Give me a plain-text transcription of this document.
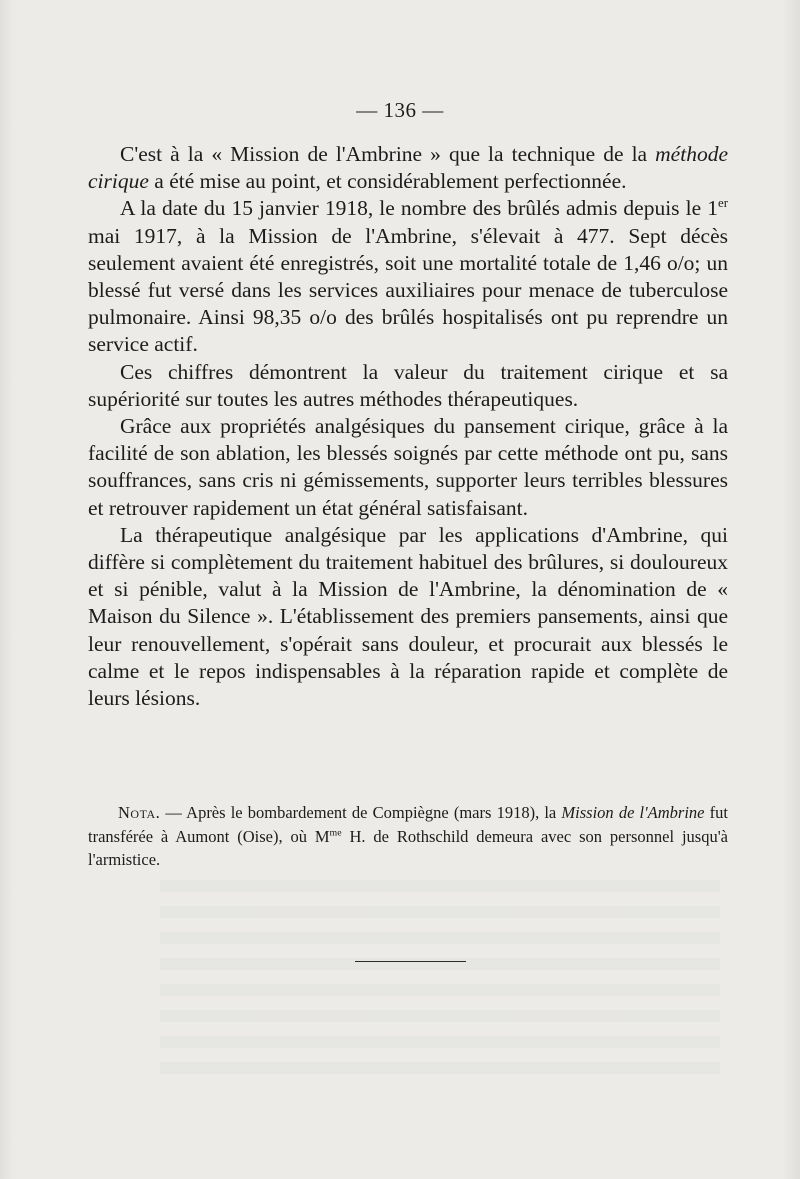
— 136 —

C'est à la « Mission de l'Ambrine » que la technique de la méthode cirique a été mise au point, et considérablement perfectionnée.

A la date du 15 janvier 1918, le nombre des brûlés admis depuis le 1er mai 1917, à la Mission de l'Ambrine, s'élevait à 477. Sept décès seulement avaient été enregistrés, soit une mortalité totale de 1,46 o/o; un blessé fut versé dans les services auxiliaires pour menace de tuberculose pulmonaire. Ainsi 98,35 o/o des brûlés hospitalisés ont pu reprendre un service actif.

Ces chiffres démontrent la valeur du traitement cirique et sa supériorité sur toutes les autres méthodes thérapeutiques.

Grâce aux propriétés analgésiques du pansement cirique, grâce à la facilité de son ablation, les blessés soignés par cette méthode ont pu, sans souffrances, sans cris ni gémissements, supporter leurs terribles blessures et retrouver rapidement un état général satisfaisant.

La thérapeutique analgésique par les applications d'Ambrine, qui diffère si complètement du traitement habituel des brûlures, si douloureux et si pénible, valut à la Mission de l'Ambrine, la dénomination de « Maison du Silence ». L'établissement des premiers pansements, ainsi que leur renouvellement, s'opérait sans douleur, et procurait aux blessés le calme et le repos indispensables à la réparation rapide et complète de leurs lésions.

Nota. — Après le bombardement de Compiègne (mars 1918), la Mission de l'Ambrine fut transférée à Aumont (Oise), où $M^{me}$ H. de Rothschild demeura avec son personnel jusqu'à l'armistice.
